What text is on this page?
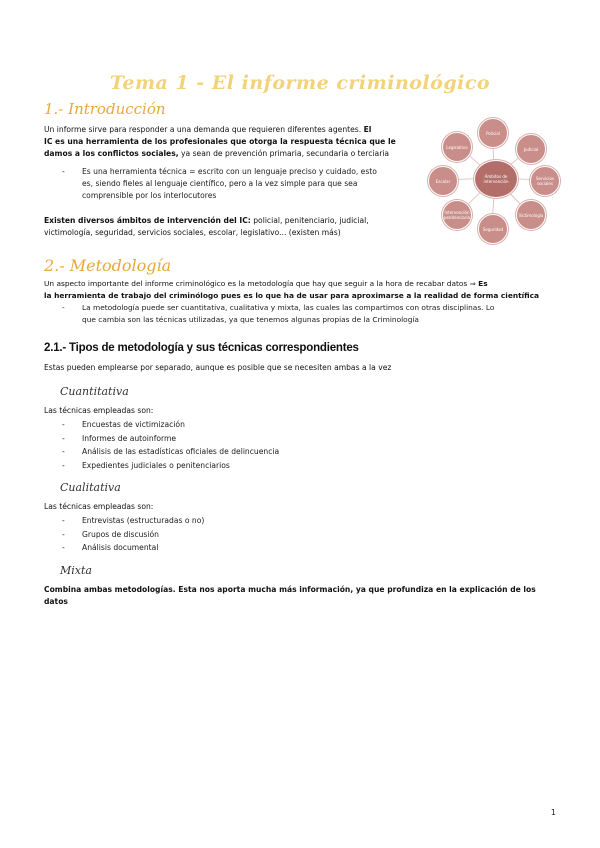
Tema 1 - El informe criminológico
1.- Introducción
Un informe sirve para responder a una demanda que requieren diferentes agentes. El
IC es una herramienta de los profesionales que otorga la respuesta técnica que le
damos a los conflictos sociales, ya sean de prevención primaria, secundaria o terciaria
- Es una herramienta técnica = escrito con un lenguaje preciso y cuidado, esto
es, siendo fieles al lenguaje científico, pero a la vez simple para que sea
comprensible por los interlocutores
Existen diversos ámbitos de intervención del IC: policial, penitenciario, judicial,
victimología, seguridad, servicios sociales, escolar, legislativo... (existen más)
Ámbitos de intervención
Policial
Judicial
Servicios sociales
Victimología
Seguridad
Intervención penitenciaria
Escolar
Legislativo
2.- Metodología
Un aspecto importante del informe criminológico es la metodología que hay que seguir a la hora de recabar datos ⇒ Es
la herramienta de trabajo del criminólogo pues es lo que ha de usar para aproximarse a la realidad de forma científica
- La metodología puede ser cuantitativa, cualitativa y mixta, las cuales las compartimos con otras disciplinas. Lo
que cambia son las técnicas utilizadas, ya que tenemos algunas propias de la Criminología
2.1.- Tipos de metodología y sus técnicas correspondientes
Estas pueden emplearse por separado, aunque es posible que se necesiten ambas a la vez
Cuantitativa
Las técnicas empleadas son:
- Encuestas de victimización
- Informes de autoinforme
- Análisis de las estadísticas oficiales de delincuencia
- Expedientes judiciales o penitenciarios
Cualitativa
Las técnicas empleadas son:
- Entrevistas (estructuradas o no)
- Grupos de discusión
- Análisis documental
Mixta
Combina ambas metodologías. Esta nos aporta mucha más información, ya que profundiza en la explicación de los
datos
1
